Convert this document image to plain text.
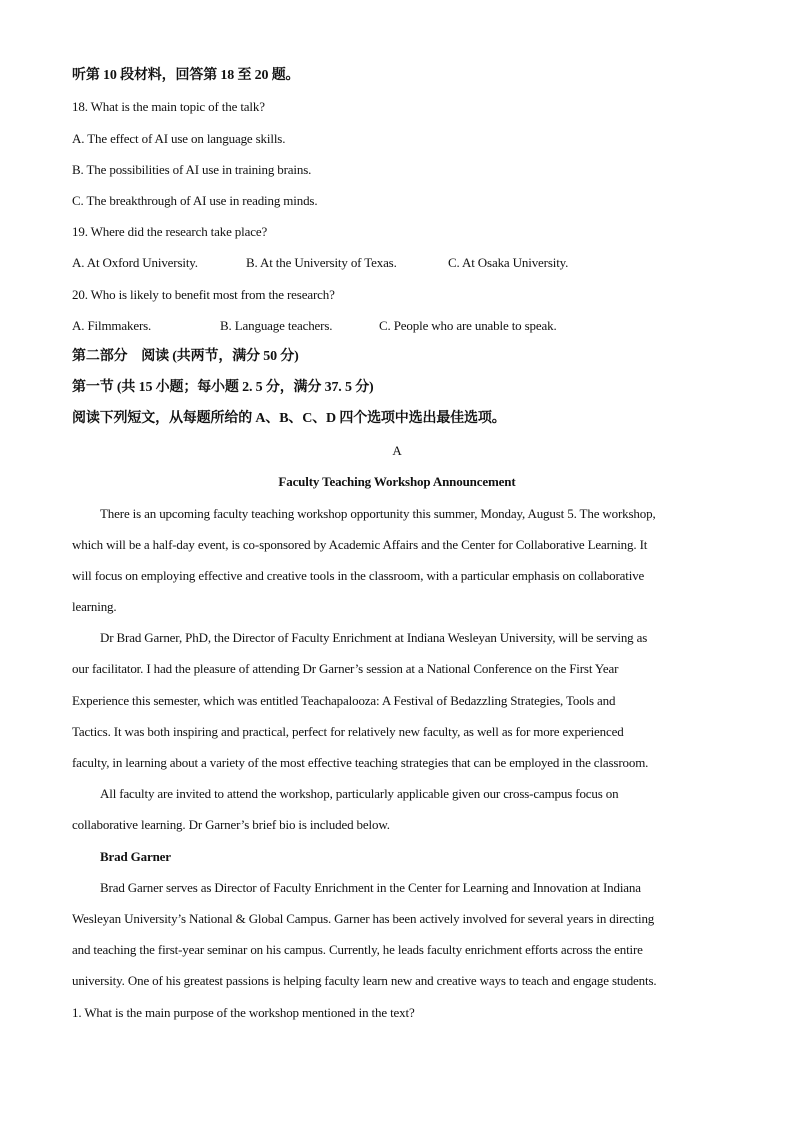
听第 10 段材料，回答第 18 至 20 题。
18. What is the main topic of the talk?
A. The effect of AI use on language skills.
B. The possibilities of AI use in training brains.
C. The breakthrough of AI use in reading minds.
19. Where did the research take place?
A. At Oxford University.	B. At the University of Texas.	C. At Osaka University.
20. Who is likely to benefit most from the research?
A. Filmmakers.	B. Language teachers.	C. People who are unable to speak.
第二部分　阅读 (共两节，满分 50 分)
第一节 (共 15 小题；每小题 2. 5 分，满分 37. 5 分)
阅读下列短文，从每题所给的 A、B、C、D 四个选项中选出最佳选项。
A
Faculty Teaching Workshop Announcement
There is an upcoming faculty teaching workshop opportunity this summer, Monday, August 5. The workshop,
which will be a half-day event, is co-sponsored by Academic Affairs and the Center for Collaborative Learning. It
will focus on employing effective and creative tools in the classroom, with a particular emphasis on collaborative
learning.
Dr Brad Garner, PhD, the Director of Faculty Enrichment at Indiana Wesleyan University, will be serving as
our facilitator. I had the pleasure of attending Dr Garner’s session at a National Conference on the First Year
Experience this semester, which was entitled Teachapalooza: A Festival of Bedazzling Strategies, Tools and
Tactics. It was both inspiring and practical, perfect for relatively new faculty, as well as for more experienced
faculty, in learning about a variety of the most effective teaching strategies that can be employed in the classroom.
All faculty are invited to attend the workshop, particularly applicable given our cross-campus focus on
collaborative learning. Dr Garner’s brief bio is included below.
Brad Garner
Brad Garner serves as Director of Faculty Enrichment in the Center for Learning and Innovation at Indiana
Wesleyan University’s National & Global Campus. Garner has been actively involved for several years in directing
and teaching the first-year seminar on his campus. Currently, he leads faculty enrichment efforts across the entire
university. One of his greatest passions is helping faculty learn new and creative ways to teach and engage students.
1. What is the main purpose of the workshop mentioned in the text?
